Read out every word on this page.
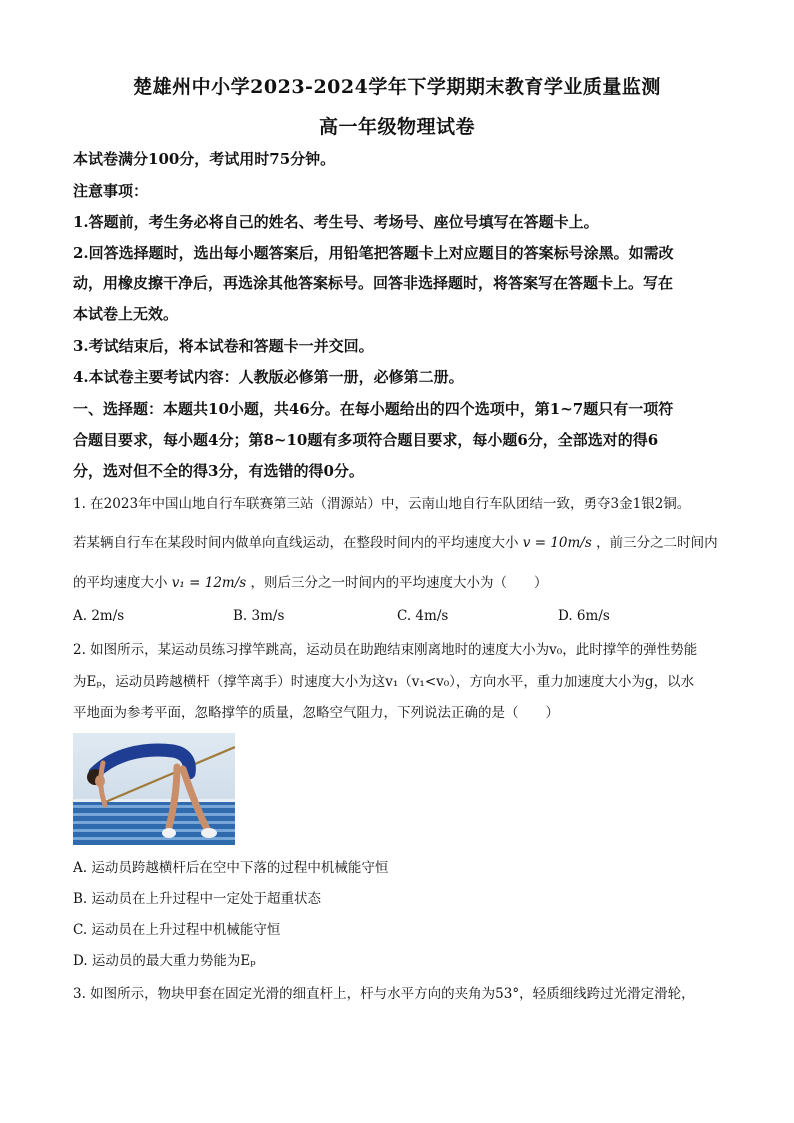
楚雄州中小学2023-2024学年下学期期末教育学业质量监测
高一年级物理试卷
本试卷满分100分，考试用时75分钟。
注意事项：
1.答题前，考生务必将自己的姓名、考生号、考场号、座位号填写在答题卡上。
2.回答选择题时，选出每小题答案后，用铅笔把答题卡上对应题目的答案标号涂黑。如需改
动，用橡皮擦干净后，再选涂其他答案标号。回答非选择题时，将答案写在答题卡上。写在
本试卷上无效。
3.考试结束后，将本试卷和答题卡一并交回。
4.本试卷主要考试内容：人教版必修第一册，必修第二册。
一、选择题：本题共10小题，共46分。在每小题给出的四个选项中，第1~7题只有一项符
合题目要求，每小题4分；第8~10题有多项符合题目要求，每小题6分，全部选对的得6
分，选对但不全的得3分，有选错的得0分。
1. 在2023年中国山地自行车联赛第三站（渭源站）中，云南山地自行车队团结一致，勇夺3金1银2铜。
若某辆自行车在某段时间内做单向直线运动，在整段时间内的平均速度大小 v = 10m/s ，前三分之二时间内
的平均速度大小 v₁ = 12m/s ，则后三分之一时间内的平均速度大小为（　　）
A. 2m/s	B. 3m/s	C. 4m/s	D. 6m/s
2. 如图所示，某运动员练习撑竿跳高，运动员在助跑结束刚离地时的速度大小为v₀，此时撑竿的弹性势能
为Eₚ，运动员跨越横杆（撑竿离手）时速度大小为这v₁（v₁<v₀），方向水平，重力加速度大小为g，以水
平地面为参考平面，忽略撑竿的质量，忽略空气阻力，下列说法正确的是（　　）
A. 运动员跨越横杆后在空中下落的过程中机械能守恒
B. 运动员在上升过程中一定处于超重状态
C. 运动员在上升过程中机械能守恒
D. 运动员的最大重力势能为Eₚ
3. 如图所示，物块甲套在固定光滑的细直杆上，杆与水平方向的夹角为53°，轻质细线跨过光滑定滑轮，
